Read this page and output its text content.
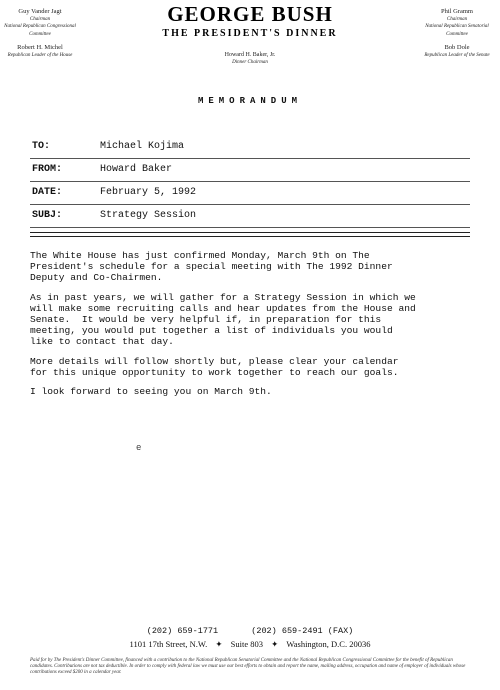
Guy Vander Jagt
Chairman
National Republican Congressional Committee
Robert H. Michel
Republican Leader of the House
GEORGE BUSH
THE PRESIDENT'S DINNER
Howard H. Baker, Jr.
Dinner Chairman
Phil Gramm
Chairman
National Republican Senatorial Committee
Bob Dole
Republican Leader of the Senate
MEMORANDUM
TO:	Michael Kojima
FROM:	Howard Baker
DATE:	February 5, 1992
SUBJ:	Strategy Session

The White House has just confirmed Monday, March 9th on The
President's schedule for a special meeting with The 1992 Dinner
Deputy and Co-Chairmen.

As in past years, we will gather for a Strategy Session in which we
will make some recruiting calls and hear updates from the House and
Senate.  It would be very helpful if, in preparation for this
meeting, you would put together a list of individuals you would
like to contact that day.

More details will follow shortly but, please clear your calendar
for this unique opportunity to work together to reach our goals.

I look forward to seeing you on March 9th.

e
(202) 659-1771	(202) 659-2491 (FAX)
1101 17th Street, N.W. ✦ Suite 803 ✦ Washington, D.C. 20036
Paid for by The President's Dinner Committee, financed with a contribution to the National Republican Senatorial Committee and the National Republican Congressional Committee for the benefit of Republican candidates. Contributions are not tax deductible. In order to comply with federal law we must use our best efforts to obtain and report the name, mailing address, occupation and name of employer of individuals whose contributions exceed $200 in a calendar year.
